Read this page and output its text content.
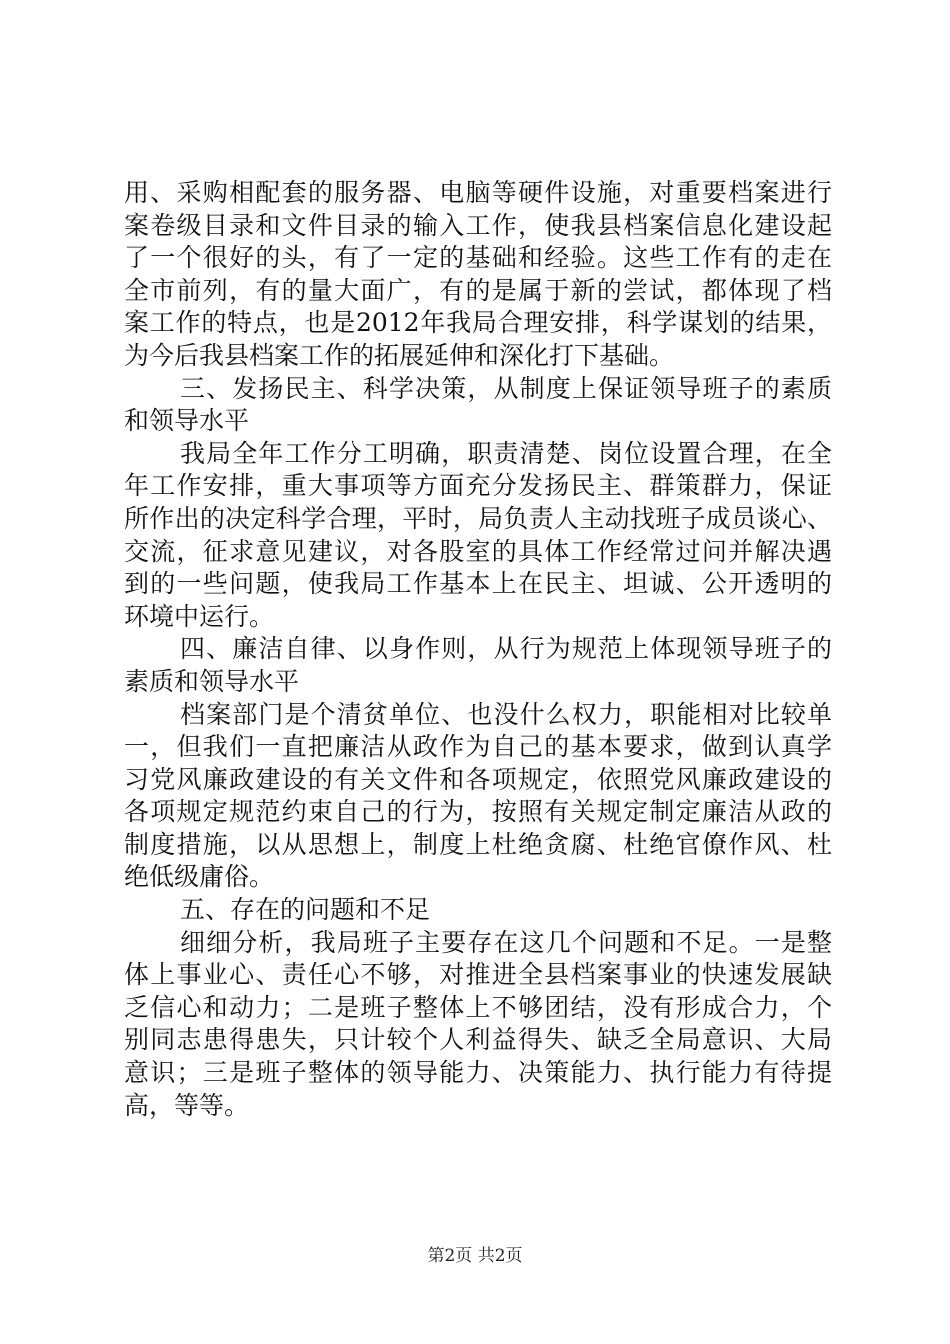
用、采购相配套的服务器、电脑等硬件设施，对重要档案进行
案卷级目录和文件目录的输入工作，使我县档案信息化建设起
了一个很好的头，有了一定的基础和经验。这些工作有的走在
全市前列，有的量大面广，有的是属于新的尝试，都体现了档
案工作的特点，也是2012年我局合理安排，科学谋划的结果，
为今后我县档案工作的拓展延伸和深化打下基础。
三、发扬民主、科学决策，从制度上保证领导班子的素质
和领导水平
我局全年工作分工明确，职责清楚、岗位设置合理，在全
年工作安排，重大事项等方面充分发扬民主、群策群力，保证
所作出的决定科学合理，平时，局负责人主动找班子成员谈心、
交流，征求意见建议，对各股室的具体工作经常过问并解决遇
到的一些问题，使我局工作基本上在民主、坦诚、公开透明的
环境中运行。
四、廉洁自律、以身作则，从行为规范上体现领导班子的
素质和领导水平
档案部门是个清贫单位、也没什么权力，职能相对比较单
一，但我们一直把廉洁从政作为自己的基本要求，做到认真学
习党风廉政建设的有关文件和各项规定，依照党风廉政建设的
各项规定规范约束自己的行为，按照有关规定制定廉洁从政的
制度措施，以从思想上，制度上杜绝贪腐、杜绝官僚作风、杜
绝低级庸俗。
五、存在的问题和不足
细细分析，我局班子主要存在这几个问题和不足。一是整
体上事业心、责任心不够，对推进全县档案事业的快速发展缺
乏信心和动力；二是班子整体上不够团结，没有形成合力，个
别同志患得患失，只计较个人利益得失、缺乏全局意识、大局
意识；三是班子整体的领导能力、决策能力、执行能力有待提
高，等等。
第2页 共2页
